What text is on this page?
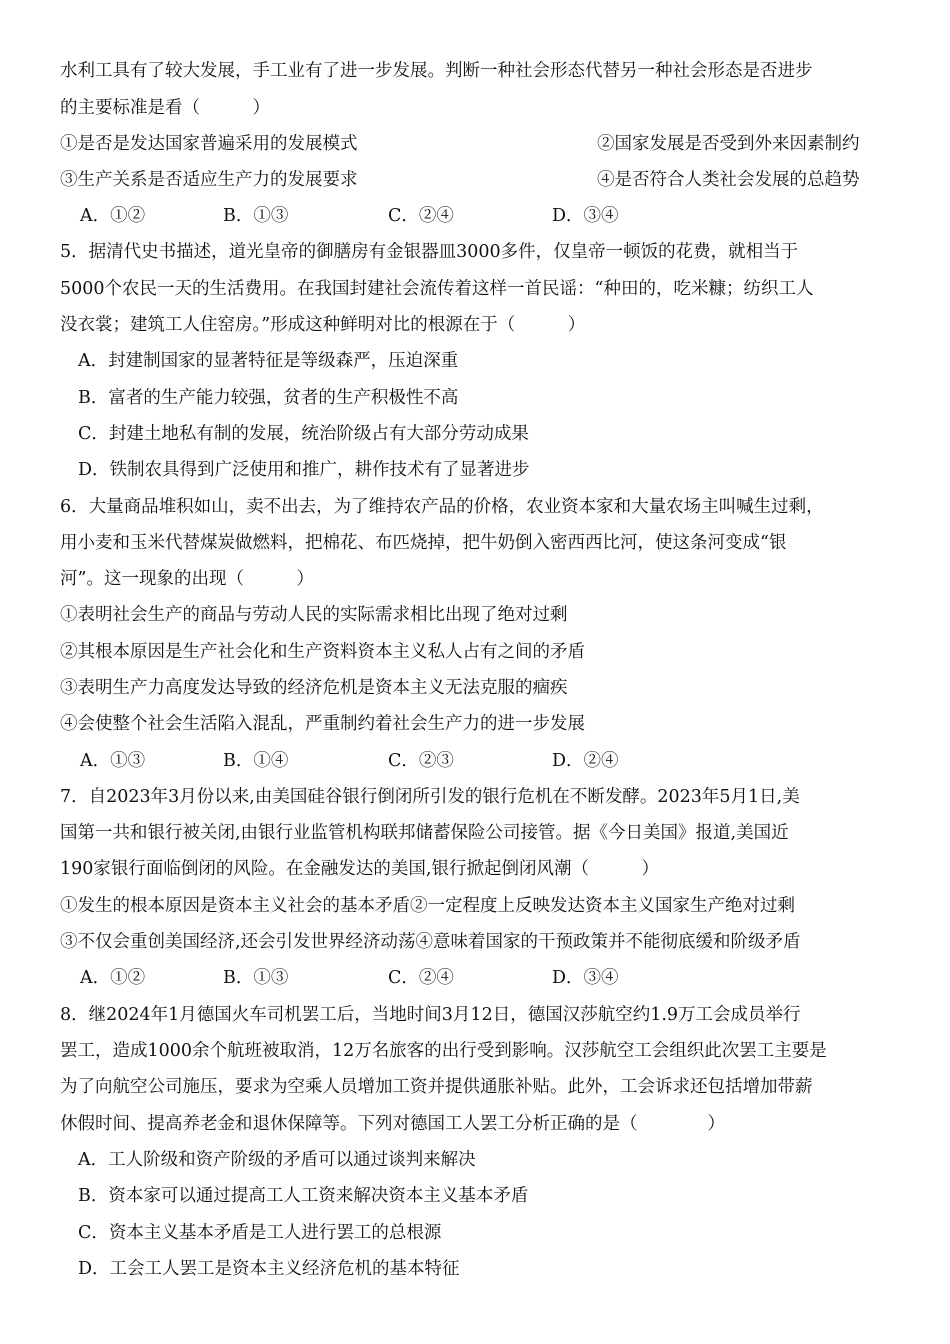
水利工具有了较大发展，手工业有了进一步发展。判断一种社会形态代替另一种社会形态是否进步
的主要标准是看（　　　）
①是否是发达国家普遍采用的发展模式	②国家发展是否受到外来因素制约
③生产关系是否适应生产力的发展要求	④是否符合人类社会发展的总趋势
A．①②	B．①③	C．②④	D．③④
5．据清代史书描述，道光皇帝的御膳房有金银器皿3000多件，仅皇帝一顿饭的花费，就相当于
5000个农民一天的生活费用。在我国封建社会流传着这样一首民谣：“种田的，吃米糠；纺织工人
没衣裳；建筑工人住窑房。”形成这种鲜明对比的根源在于（　　　）
A．封建制国家的显著特征是等级森严，压迫深重
B．富者的生产能力较强，贫者的生产积极性不高
C．封建土地私有制的发展，统治阶级占有大部分劳动成果
D．铁制农具得到广泛使用和推广，耕作技术有了显著进步
6．大量商品堆积如山，卖不出去，为了维持农产品的价格，农业资本家和大量农场主叫喊生过剩，
用小麦和玉米代替煤炭做燃料，把棉花、布匹烧掉，把牛奶倒入密西西比河，使这条河变成“银
河”。这一现象的出现（　　　）
①表明社会生产的商品与劳动人民的实际需求相比出现了绝对过剩
②其根本原因是生产社会化和生产资料资本主义私人占有之间的矛盾
③表明生产力高度发达导致的经济危机是资本主义无法克服的痼疾
④会使整个社会生活陷入混乱，严重制约着社会生产力的进一步发展
A．①③	B．①④	C．②③	D．②④
7．自2023年3月份以来,由美国硅谷银行倒闭所引发的银行危机在不断发酵。2023年5月1日,美
国第一共和银行被关闭,由银行业监管机构联邦储蓄保险公司接管。据《今日美国》报道,美国近
190家银行面临倒闭的风险。在金融发达的美国,银行掀起倒闭风潮（　　　）
①发生的根本原因是资本主义社会的基本矛盾②一定程度上反映发达资本主义国家生产绝对过剩
③不仅会重创美国经济,还会引发世界经济动荡④意味着国家的干预政策并不能彻底缓和阶级矛盾
A．①②	B．①③	C．②④	D．③④
8．继2024年1月德国火车司机罢工后，当地时间3月12日，德国汉莎航空约1.9万工会成员举行
罢工，造成1000余个航班被取消，12万名旅客的出行受到影响。汉莎航空工会组织此次罢工主要是
为了向航空公司施压，要求为空乘人员增加工资并提供通胀补贴。此外，工会诉求还包括增加带薪
休假时间、提高养老金和退休保障等。下列对德国工人罢工分析正确的是（　　　　）
A．工人阶级和资产阶级的矛盾可以通过谈判来解决
B．资本家可以通过提高工人工资来解决资本主义基本矛盾
C．资本主义基本矛盾是工人进行罢工的总根源
D．工会工人罢工是资本主义经济危机的基本特征
